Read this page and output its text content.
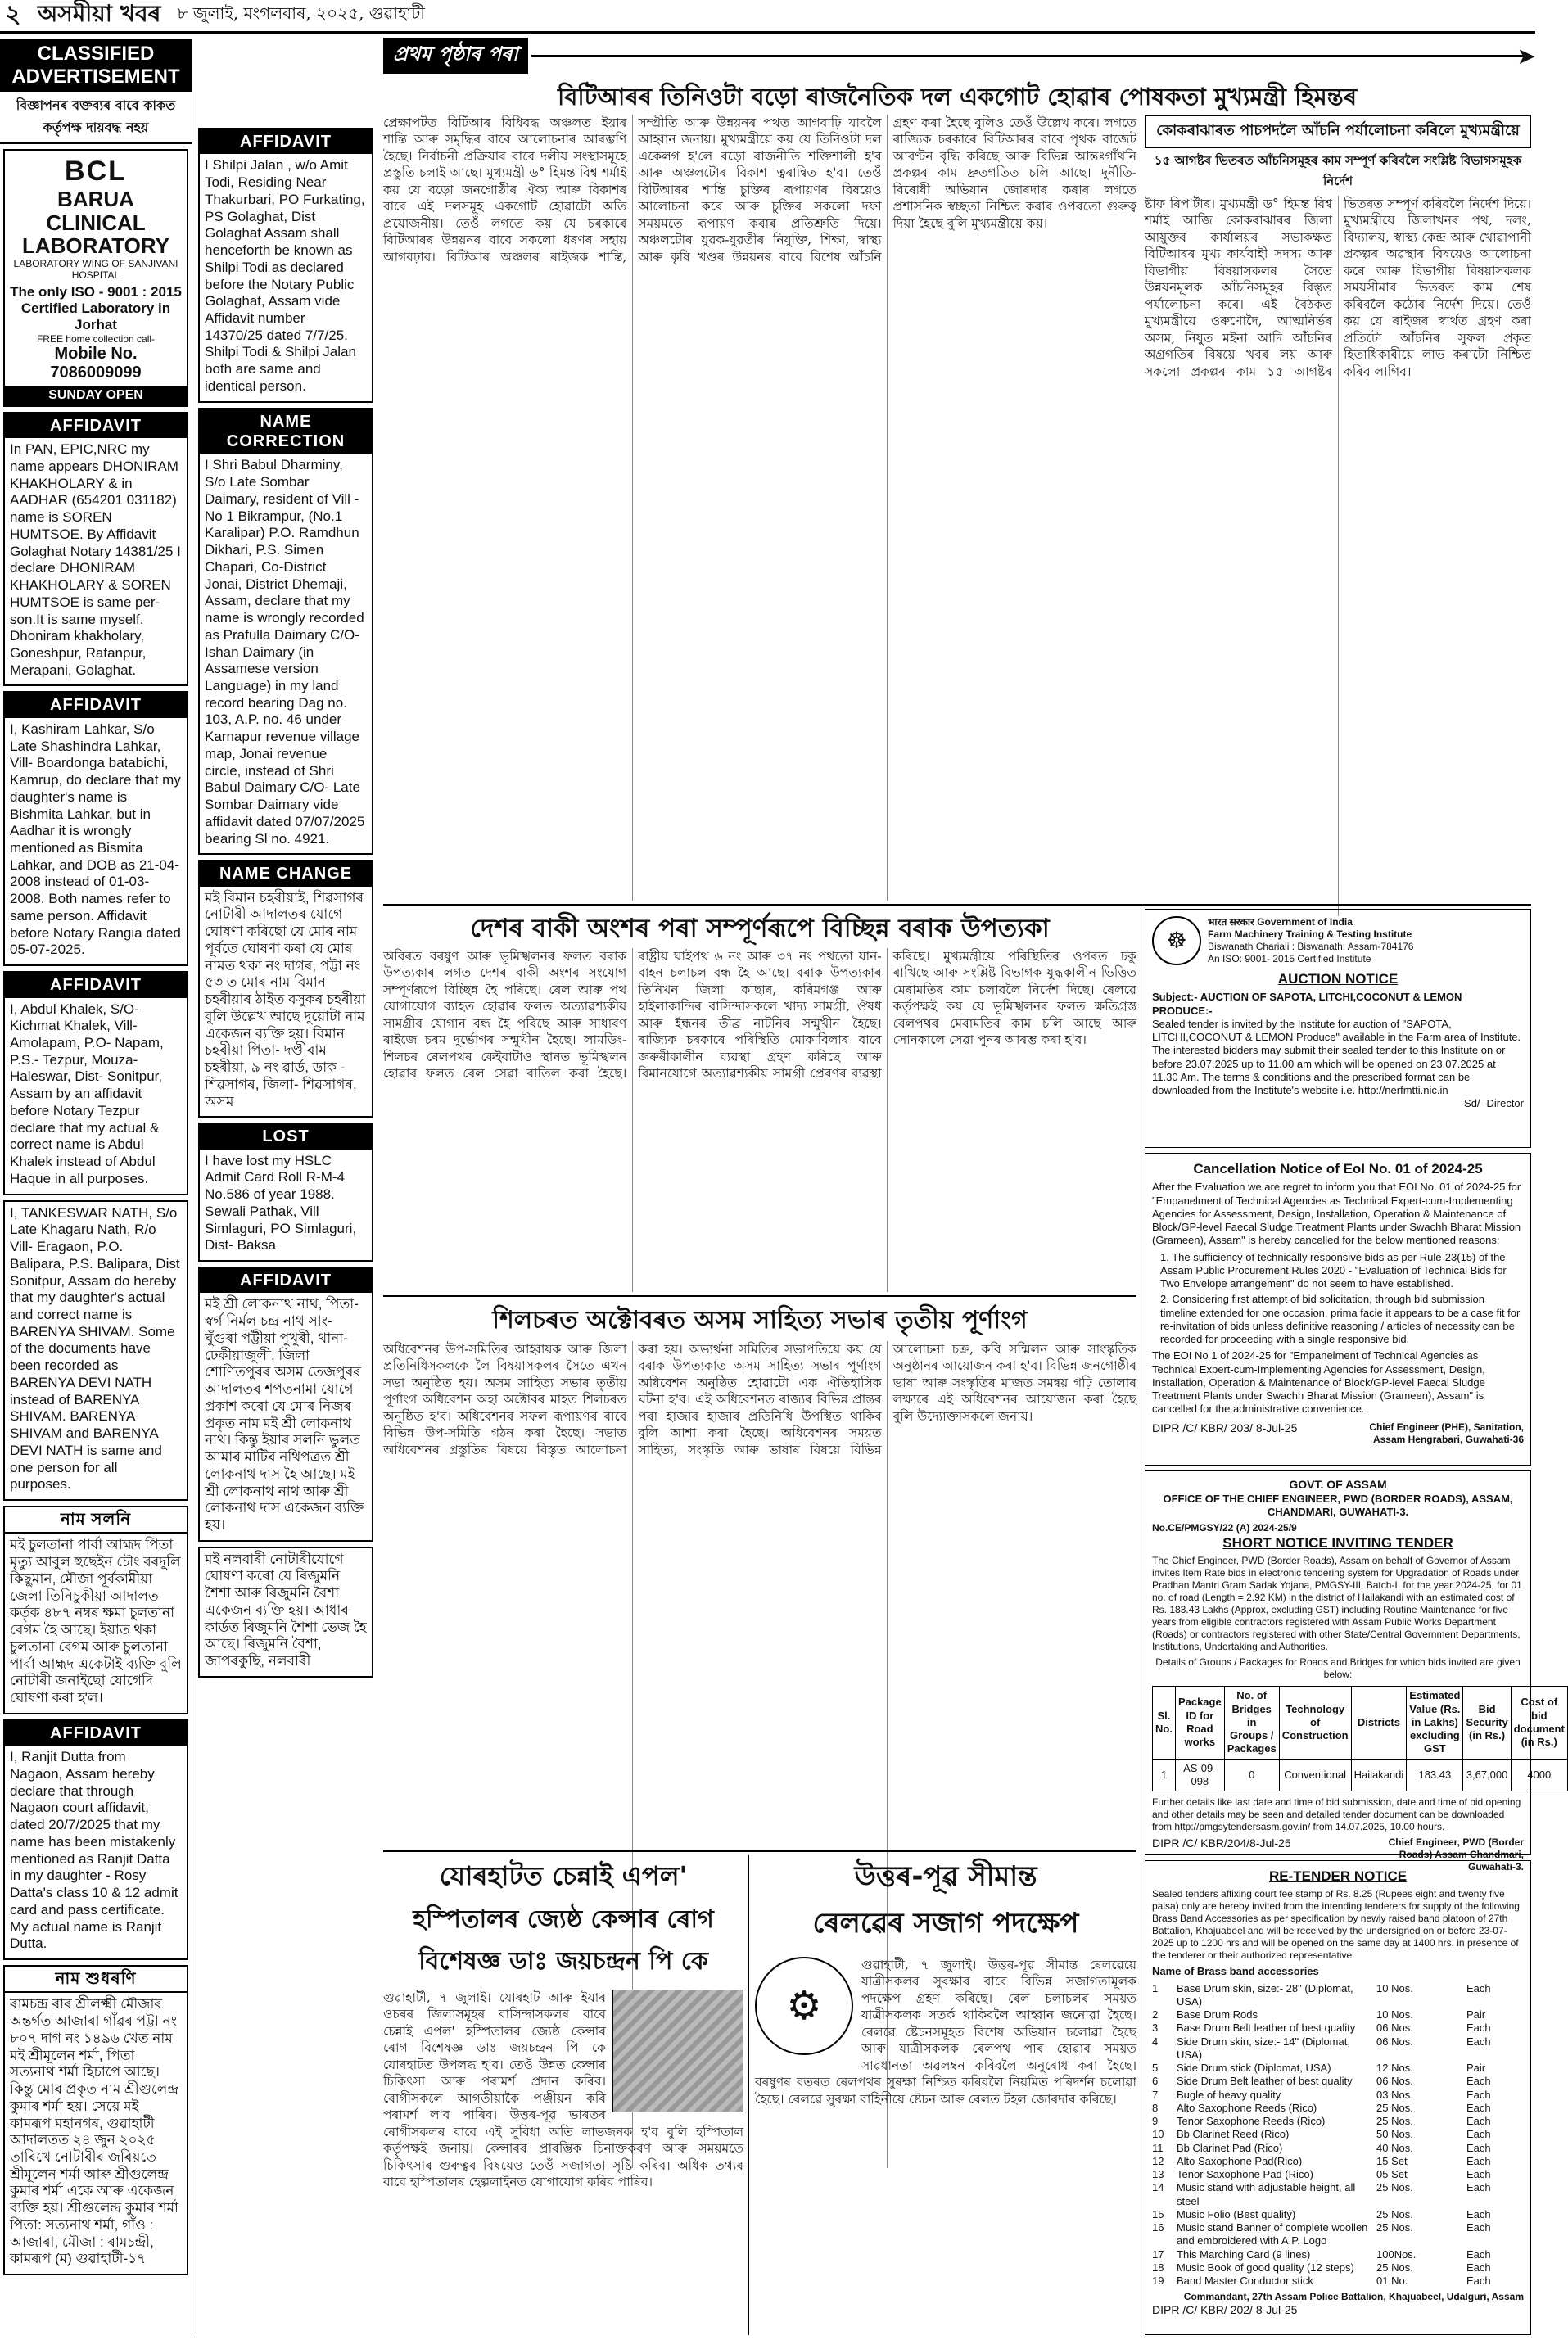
২ অসমীয়া খবৰ ৮ জুলাই, মংগলবাৰ, ২০২৫, গুৱাহাটী
CLASSIFIED ADVERTISEMENT
বিজ্ঞাপনৰ বক্তব্যৰ বাবে কাকত কৰ্তৃপক্ষ দায়বদ্ধ নহয়
BCL
BARUA CLINICAL LABORATORY
LABORATORY WING OF SANJIVANI HOSPITAL
The only ISO - 9001 : 2015 Certified Laboratory in Jorhat
FREE home collection call-
Mobile No. 7086009099
SUNDAY OPEN
AFFIDAVIT

In PAN, EPIC,NRC my name appears DHONIRAM KHAKHOLARY & in AADHAR (654201 031182) name is SOREN HUMTSOE. By Affidavit Golaghat Notary 14381/25 I declare DHONIRAM KHAKHOLARY & SOREN HUMTSOE is same per-son.It is same myself. Dhoniram khakholary, Goneshpur, Ratanpur, Merapani, Golaghat.

AFFIDAVIT

I, Kashiram Lahkar, S/o Late Shashindra Lahkar, Vill- Boardonga batabichi, Kamrup, do declare that my daughter's name is Bishmita Lahkar, but in Aadhar it is wrongly mentioned as Bismita Lahkar, and DOB as 21-04-2008 instead of 01-03-2008. Both names refer to same person. Affidavit before Notary Rangia dated 05-07-2025.

AFFIDAVIT

I, Abdul Khalek, S/O- Kichmat Khalek, Vill- Amolapam, P.O- Napam, P.S.- Tezpur, Mouza- Haleswar, Dist- Sonitpur, Assam by an affidavit before Notary Tezpur declare that my actual & correct name is Abdul Khalek instead of Abdul Haque in all purposes.

I, TANKESWAR NATH, S/o Late Khagaru Nath, R/o Vill- Eragaon, P.O. Balipara, P.S. Balipara, Dist Sonitpur, Assam do hereby that my daughter's actual and correct name is BARENYA SHIVAM. Some of the documents have been recorded as BARENYA DEVI NATH instead of BARENYA SHIVAM. BARENYA SHIVAM and BARENYA DEVI NATH is same and one person for all purposes.

নাম সলনি

মই চুলতানা পাৰ্বা আহ্মদ পিতা মৃত্যু আবুল হুছেইন চৌং বৰদুলি কিছুমান, মৌজা পূৰ্বকামীয়া জেলা তিনিচুকীয়া আদালত কৰ্তৃক ৪৮৭ নম্বৰ ক্ষমা চুলতানা বেগম হৈ আছে। ইয়াত থকা চুলতানা বেগম আৰু চুলতানা পাৰ্বা আহ্মদ একেটাই ব্যক্তি বুলি নোটাৰী জনাইছো যোগেদি ঘোষণা কৰা হ'ল।

AFFIDAVIT

I, Ranjit Dutta from Nagaon, Assam hereby declare that through Nagaon court affidavit, dated 20/7/2025 that my name has been mistakenly mentioned as Ranjit Datta in my daughter - Rosy Datta's class 10 & 12 admit card and pass certificate. My actual name is Ranjit Dutta.

নাম শুধৰণি

ৰামচন্দ্ৰ ৰাৰ শ্ৰীলক্ষ্মী মৌজাৰ অন্তৰ্গত আজাৰা গাঁৱৰ পট্টা নং ৮০৭ দাগ নং ১৪৯৬ খেত নাম মই শ্ৰীমূলেন শৰ্মা, পিতা সত্যনাথ শৰ্মা হিচাপে আছে। কিন্তু মোৰ প্ৰকৃত নাম শ্ৰীগুলেন্দ্ৰ কুমাৰ শৰ্মা হয়। সেয়ে মই কামৰূপ মহানগৰ, গুৱাহাটী আদালতত ২৪ জুন ২০২৫ তাৰিখে নোটাৰীৰ জৰিয়তে শ্ৰীমূলেন শৰ্মা আৰু শ্ৰীগুলেন্দ্ৰ কুমাৰ শৰ্মা একে আৰু একেজন ব্যক্তি হয়। শ্ৰীগুলেন্দ্ৰ কুমাৰ শৰ্মা পিতা: সত্যনাথ শৰ্মা, গাঁও : আজাৰা, মৌজা : ৰামচন্দ্ৰী, কামৰূপ (ম) গুৱাহাটী-১৭

AFFIDAVIT

I Shilpi Jalan , w/o Amit Todi, Residing Near Thakurbari, PO Furkating, PS Golaghat, Dist Golaghat Assam shall henceforth be known as Shilpi Todi as declared before the Notary Public Golaghat, Assam vide Affidavit number 14370/25 dated 7/7/25. Shilpi Todi & Shilpi Jalan both are same and identical person.

NAME CORRECTION

I Shri Babul Dharminy, S/o Late Sombar Daimary, resident of Vill - No 1 Bikrampur, (No.1 Karalipar) P.O. Ramdhun Dikhari, P.S. Simen Chapari, Co-District Jonai, District Dhemaji, Assam, declare that my name is wrongly recorded as Prafulla Daimary C/O- Ishan Daimary (in Assamese version Language) in my land record bearing Dag no. 103, A.P. no. 46 under Karnapur revenue village map, Jonai revenue circle, instead of Shri Babul Daimary C/O- Late Sombar Daimary vide affidavit dated 07/07/2025 bearing Sl no. 4921.

NAME CHANGE

মই বিমান চহৰীয়াই, শিৱসাগৰ নোটাৰী আদালতৰ যোগে ঘোষণা কৰিছো যে মোৰ নাম পূৰ্বতে ঘোষণা কৰা যে মোৰ নামত থকা নং দাগৰ, পট্টা নং ৫৩ ত মোৰ নাম বিমান চহৰীয়াৰ ঠাইত বসুকৰ চহৰীয়া বুলি উল্লেখ আছে দুয়োটা নাম একেজন ব্যক্তি হয়। বিমান চহৰীয়া পিতা- দণ্ডীৰাম চহৰীয়া, ৯ নং ৱাৰ্ড, ডাক - শিৱসাগৰ, জিলা- শিৱসাগৰ, অসম

LOST

I have lost my HSLC Admit Card Roll R-M-4 No.586 of year 1988. Sewali Pathak, Vill Simlaguri, PO Simlaguri, Dist- Baksa

AFFIDAVIT

মই শ্ৰী লোকনাথ নাথ, পিতা-স্বৰ্গ নিৰ্মল চন্দ্ৰ নাথ সাং- ঘুঁগুৰা পট্টীয়া পুখুৰী, থানা-ঢেকীয়াজুলী, জিলা শোণিতপুৰৰ অসম তেজপুৰৰ আদালতৰ শপতনামা যোগে প্ৰকাশ কৰো যে মোৰ নিজৰ প্ৰকৃত নাম মই শ্ৰী লোকনাথ নাথ। কিন্তু ইয়াৰ সলনি ভুলত আমাৰ মাটিৰ নথিপত্ৰত শ্ৰী লোকনাথ দাস হৈ আছে। মই শ্ৰী লোকনাথ নাথ আৰু শ্ৰী লোকনাথ দাস একেজন ব্যক্তি হয়।

মই নলবাৰী নোটাৰীযোগে ঘোষণা কৰো যে ৰিজুমনি শৈশা আৰু ৰিজুমনি বৈশা একেজন ব্যক্তি হয়। আধাৰ কাৰ্ডত ৰিজুমনি শৈশা ভেজ হৈ আছে। ৰিজুমনি বৈশা, জাপৰকুছি, নলবাৰী

প্ৰথম পৃষ্ঠাৰ পৰা
➤
বিটিআৰৰ তিনিওটা বড়ো ৰাজনৈতিক দল একগোট হোৱাৰ পোষকতা মুখ্যমন্ত্ৰী হিমন্তৰ
প্ৰেক্ষাপটত বিটিআৰ বিধিবদ্ধ অঞ্চলত ইয়াৰ শান্তি আৰু সমৃদ্ধিৰ বাবে আলোচনাৰ আৰম্ভণি হৈছে। নিৰ্বাচনী প্ৰক্ৰিয়াৰ বাবে দলীয় সংস্থাসমূহে প্ৰস্তুতি চলাই আছে। মুখ্যমন্ত্ৰী ড° হিমন্ত বিশ্ব শৰ্মাই কয় যে বড়ো জনগোষ্ঠীৰ ঐক্য আৰু বিকাশৰ বাবে এই দলসমূহ একগোট হোৱাটো অতি প্ৰয়োজনীয়। তেওঁ লগতে কয় যে চৰকাৰে বিটিআৰৰ উন্নয়নৰ বাবে সকলো ধৰণৰ সহায় আগবঢ়াব। বিটিআৰ অঞ্চলৰ ৰাইজক শান্তি, সম্প্ৰীতি আৰু উন্নয়নৰ পথত আগবাঢ়ি যাবলৈ আহ্বান জনায়। মুখ্যমন্ত্ৰীয়ে কয় যে তিনিওটা দল একেলগ হ'লে বড়ো ৰাজনীতি শক্তিশালী হ'ব আৰু অঞ্চলটোৰ বিকাশ ত্বৰান্বিত হ'ব। তেওঁ বিটিআৰৰ শান্তি চুক্তিৰ ৰূপায়ণৰ বিষয়েও আলোচনা কৰে আৰু চুক্তিৰ সকলো দফা সময়মতে ৰূপায়ণ কৰাৰ প্ৰতিশ্ৰুতি দিয়ে। অঞ্চলটোৰ যুৱক-যুৱতীৰ নিযুক্তি, শিক্ষা, স্বাস্থ্য আৰু কৃষি খণ্ডৰ উন্নয়নৰ বাবে বিশেষ আঁচনি গ্ৰহণ কৰা হৈছে বুলিও তেওঁ উল্লেখ কৰে। লগতে ৰাজ্যিক চৰকাৰে বিটিআৰৰ বাবে পৃথক বাজেট আবণ্টন বৃদ্ধি কৰিছে আৰু বিভিন্ন আন্তঃগাঁথনি প্ৰকল্পৰ কাম দ্ৰুতগতিত চলি আছে। দুৰ্নীতি-বিৰোধী অভিযান জোৰদাৰ কৰাৰ লগতে প্ৰশাসনিক স্বচ্ছতা নিশ্চিত কৰাৰ ওপৰতো গুৰুত্ব দিয়া হৈছে বুলি মুখ্যমন্ত্ৰীয়ে কয়।
কোকৰাঝাৰত পাচপদলৈ আঁচনি পৰ্যালোচনা কৰিলে মুখ্যমন্ত্ৰীয়ে
১৫ আগষ্টৰ ভিতৰত আঁচনিসমূহৰ কাম সম্পূৰ্ণ কৰিবলৈ সংশ্লিষ্ট বিভাগসমূহক নিৰ্দেশ
ষ্টাফ ৰিপ'ৰ্টাৰ। মুখ্যমন্ত্ৰী ড° হিমন্ত বিশ্ব শৰ্মাই আজি কোকৰাঝাৰৰ জিলা আয়ুক্তৰ কাৰ্যালয়ৰ সভাকক্ষত বিটিআৰৰ মুখ্য কাৰ্যবাহী সদস্য আৰু বিভাগীয় বিষয়াসকলৰ সৈতে উন্নয়নমূলক আঁচনিসমূহৰ বিস্তৃত পৰ্যালোচনা কৰে। এই বৈঠকত মুখ্যমন্ত্ৰীয়ে ওৰুণোদৈ, আত্মনিৰ্ভৰ অসম, নিযুত মইনা আদি আঁচনিৰ অগ্ৰগতিৰ বিষয়ে খবৰ লয় আৰু সকলো প্ৰকল্পৰ কাম ১৫ আগষ্টৰ ভিতৰত সম্পূৰ্ণ কৰিবলৈ নিৰ্দেশ দিয়ে। মুখ্যমন্ত্ৰীয়ে জিলাখনৰ পথ, দলং, বিদ্যালয়, স্বাস্থ্য কেন্দ্ৰ আৰু খোৱাপানী প্ৰকল্পৰ অৱস্থাৰ বিষয়েও আলোচনা কৰে আৰু বিভাগীয় বিষয়াসকলক সময়সীমাৰ ভিতৰত কাম শেষ কৰিবলৈ কঠোৰ নিৰ্দেশ দিয়ে। তেওঁ কয় যে ৰাইজৰ স্বাৰ্থত গ্ৰহণ কৰা প্ৰতিটো আঁচনিৰ সুফল প্ৰকৃত হিতাধিকাৰীয়ে লাভ কৰাটো নিশ্চিত কৰিব লাগিব।
দেশৰ বাকী অংশৰ পৰা সম্পূৰ্ণৰূপে বিচ্ছিন্ন বৰাক উপত্যকা
অবিৰত বৰষুণ আৰু ভূমিস্খলনৰ ফলত বৰাক উপত্যকাৰ লগত দেশৰ বাকী অংশৰ সংযোগ সম্পূৰ্ণৰূপে বিচ্ছিন্ন হৈ পৰিছে। ৰেল আৰু পথ যোগাযোগ ব্যাহত হোৱাৰ ফলত অত্যাৱশ্যকীয় সামগ্ৰীৰ যোগান বন্ধ হৈ পৰিছে আৰু সাধাৰণ ৰাইজে চৰম দুৰ্ভোগৰ সন্মুখীন হৈছে। লামডিং-শিলচৰ ৰেলপথৰ কেইবাটাও স্থানত ভূমিস্খলন হোৱাৰ ফলত ৰেল সেৱা বাতিল কৰা হৈছে। ৰাষ্ট্ৰীয় ঘাইপথ ৬ নং আৰু ৩৭ নং পথতো যান-বাহন চলাচল বন্ধ হৈ আছে। বৰাক উপত্যকাৰ তিনিখন জিলা কাছাৰ, কৰিমগঞ্জ আৰু হাইলাকান্দিৰ বাসিন্দাসকলে খাদ্য সামগ্ৰী, ঔষধ আৰু ইন্ধনৰ তীব্ৰ নাটনিৰ সন্মুখীন হৈছে। ৰাজ্যিক চৰকাৰে পৰিস্থিতি মোকাবিলাৰ বাবে জৰুৰীকালীন ব্যৱস্থা গ্ৰহণ কৰিছে আৰু বিমানযোগে অত্যাৱশ্যকীয় সামগ্ৰী প্ৰেৰণৰ ব্যৱস্থা কৰিছে। মুখ্যমন্ত্ৰীয়ে পৰিস্থিতিৰ ওপৰত চকু ৰাখিছে আৰু সংশ্লিষ্ট বিভাগক যুদ্ধকালীন ভিত্তিত মেৰামতিৰ কাম চলাবলৈ নিৰ্দেশ দিছে। ৰেলৱে কৰ্তৃপক্ষই কয় যে ভূমিস্খলনৰ ফলত ক্ষতিগ্ৰস্ত ৰেলপথৰ মেৰামতিৰ কাম চলি আছে আৰু সোনকালে সেৱা পুনৰ আৰম্ভ কৰা হ'ব।
☸
भारत सरकार Government of India
Farm Machinery Training & Testing Institute
Biswanath Chariali : Biswanath: Assam-784176
An ISO: 9001- 2015 Certified Institute
AUCTION NOTICE
Subject:- AUCTION OF SAPOTA, LITCHI,COCONUT & LEMON PRODUCE:-
Sealed tender is invited by the Institute for auction of "SAPOTA, LITCHI,COCONUT & LEMON Produce" available in the Farm area of Institute. The interested bidders may submit their sealed tender to this Institute on or before 23.07.2025 up to 11.00 am which will be opened on 23.07.2025 at 11.30 Am. The terms & conditions and the prescribed format can be downloaded from the Institute's website i.e. http://nerfmtti.nic.in
Sd/- Director
Cancellation Notice of EoI No. 01 of 2024-25
After the Evaluation we are regret to inform you that EOI No. 01 of 2024-25 for "Empanelment of Technical Agencies as Technical Expert-cum-Implementing Agencies for Assessment, Design, Installation, Operation & Maintenance of Block/GP-level Faecal Sludge Treatment Plants under Swachh Bharat Mission (Grameen), Assam" is hereby cancelled for the below mentioned reasons:
1. The sufficiency of technically responsive bids as per Rule-23(15) of the Assam Public Procurement Rules 2020 - "Evaluation of Technical Bids for Two Envelope arrangement" do not seem to have established.
2. Considering first attempt of bid solicitation, through bid submission timeline extended for one occasion, prima facie it appears to be a case fit for re-invitation of bids unless definitive reasoning / articles of necessity can be recorded for proceeding with a single responsive bid.
The EOI No 1 of 2024-25 for "Empanelment of Technical Agencies as Technical Expert-cum-Implementing Agencies for Assessment, Design, Installation, Operation & Maintenance of Block/GP-level Faecal Sludge Treatment Plants under Swachh Bharat Mission (Grameen), Assam" is cancelled for the administrative convenience.
DIPR /C/ KBR/ 203/ 8-Jul-25	Chief Engineer (PHE), Sanitation, Assam Hengrabari, Guwahati-36
শিলচৰত অক্টোবৰত অসম সাহিত্য সভাৰ তৃতীয় পূৰ্ণাংগ
অধিবেশনৰ উপ-সমিতিৰ আহ্বায়ক আৰু জিলা প্ৰতিনিধিসকলকে লৈ বিষয়াসকলৰ সৈতে এখন সভা অনুষ্ঠিত হয়। অসম সাহিত্য সভাৰ তৃতীয় পূৰ্ণাংগ অধিবেশন অহা অক্টোবৰ মাহত শিলচৰত অনুষ্ঠিত হ'ব। অধিবেশনৰ সফল ৰূপায়ণৰ বাবে বিভিন্ন উপ-সমিতি গঠন কৰা হৈছে। সভাত অধিবেশনৰ প্ৰস্তুতিৰ বিষয়ে বিস্তৃত আলোচনা কৰা হয়। অভ্যৰ্থনা সমিতিৰ সভাপতিয়ে কয় যে বৰাক উপত্যকাত অসম সাহিত্য সভাৰ পূৰ্ণাংগ অধিবেশন অনুষ্ঠিত হোৱাটো এক ঐতিহাসিক ঘটনা হ'ব। এই অধিবেশনত ৰাজ্যৰ বিভিন্ন প্ৰান্তৰ পৰা হাজাৰ হাজাৰ প্ৰতিনিধি উপস্থিত থাকিব বুলি আশা কৰা হৈছে। অধিবেশনৰ সময়ত সাহিত্য, সংস্কৃতি আৰু ভাষাৰ বিষয়ে বিভিন্ন আলোচনা চক্ৰ, কবি সন্মিলন আৰু সাংস্কৃতিক অনুষ্ঠানৰ আয়োজন কৰা হ'ব। বিভিন্ন জনগোষ্ঠীৰ ভাষা আৰু সংস্কৃতিৰ মাজত সমন্বয় গঢ়ি তোলাৰ লক্ষ্যৰে এই অধিবেশনৰ আয়োজন কৰা হৈছে বুলি উদ্যোক্তাসকলে জনায়।
GOVT. OF ASSAM
OFFICE OF THE CHIEF ENGINEER, PWD (BORDER ROADS), ASSAM, CHANDMARI, GUWAHATI-3.
No.CE/PMGSY/22 (A) 2024-25/9
SHORT NOTICE INVITING TENDER
The Chief Engineer, PWD (Border Roads), Assam on behalf of Governor of Assam invites Item Rate bids in electronic tendering system for Upgradation of Roads under Pradhan Mantri Gram Sadak Yojana, PMGSY-III, Batch-I, for the year 2024-25, for 01 no. of road (Length = 2.92 KM) in the district of Hailakandi with an estimated cost of Rs. 183.43 Lakhs (Approx, excluding GST) including Routine Maintenance for five years from eligible contractors registered with Assam Public Works Department (Roads) or contractors registered with other State/Central Government Departments, Institutions, Undertaking and Authorities.
Details of Groups / Packages for Roads and Bridges for which bids invited are given below:
Sl. No.	Package ID for Road works	No. of Bridges in Groups / Packages	Technology of Construction	Districts	Estimated Value (Rs. in Lakhs) excluding GST	Bid Security (in Rs.)	Cost of bid document (in Rs.)
1	AS-09-098	0	Conventional	Hailakandi	183.43	3,67,000	4000
Further details like last date and time of bid submission, date and time of bid opening and other details may be seen and detailed tender document can be downloaded from http://pmgsytendersasm.gov.in/ from 14.07.2025, 10.00 hours.
DIPR /C/ KBR/204/8-Jul-25	Chief Engineer, PWD (Border Roads) Assam Chandmari, Guwahati-3.
RE-TENDER NOTICE
Sealed tenders affixing court fee stamp of Rs. 8.25 (Rupees eight and twenty five paisa) only are hereby invited from the intending tenderers for supply of the following Brass Band Accessories as per specification by newly raised band platoon of 27th Battalion, Khajuabeel and will be received by the undersigned on or before 23-07-2025 up to 1200 hrs and will be opened on the same day at 1400 hrs. in presence of the tenderer or their authorized representative.
Name of Brass band accessories
1	Base Drum skin, size:- 28" (Diplomat, USA)
10 Nos.	Each
2	Base Drum Rods	10 Nos.	Pair
3	Base Drum Belt leather of best quality	06 Nos.	Each
4	Side Drum skin, size:- 14" (Diplomat, USA)
06 Nos.	Each
5	Side Drum stick (Diplomat, USA)	12 Nos.	Pair
6	Side Drum Belt leather of best quality	06 Nos.	Each
7	Bugle of heavy quality	03 Nos.	Each
8	Alto Saxophone Reeds (Rico)	25 Nos.	Each
9	Tenor Saxophone Reeds (Rico)	25 Nos.	Each
10	Bb Clarinet Reed (Rico)	50 Nos.	Each
11	Bb Clarinet Pad (Rico)	40 Nos.	Each
12	Alto Saxophone Pad(Rico)	15 Set	Each
13	Tenor Saxophone Pad (Rico)	05 Set	Each
14	Music stand with adjustable height, all steel
25 Nos.	Each
15	Music Folio (Best quality)	25 Nos.	Each
16	Music stand Banner of complete woollen and embroidered with A.P. Logo
25 Nos.	Each
17	This Marching Card (9 lines)	100Nos.	Each
18	Music Book of good quality (12 steps)	25 Nos.	Each
19	Band Master Conductor stick	01 No.	Each
Commandant, 27th Assam Police Battalion, Khajuabeel, Udalguri, Assam
DIPR /C/ KBR/ 202/ 8-Jul-25
যোৰহাটত চেন্নাই এপল'
হস্পিতালৰ জ্যেষ্ঠ কেন্সাৰ ৰোগ
বিশেষজ্ঞ ডাঃ জয়চন্দ্ৰন পি কে
গুৱাহাটী, ৭ জুলাই। যোৰহাট আৰু ইয়াৰ ওচৰৰ জিলাসমূহৰ বাসিন্দাসকলৰ বাবে চেন্নাই এপল' হস্পিতালৰ জ্যেষ্ঠ কেন্সাৰ ৰোগ বিশেষজ্ঞ ডাঃ জয়চন্দ্ৰন পি কে যোৰহাটত উপলব্ধ হ'ব। তেওঁ উন্নত কেন্সাৰ চিকিৎসা আৰু পৰামৰ্শ প্ৰদান কৰিব। ৰোগীসকলে আগতীয়াকৈ পঞ্জীয়ন কৰি পৰামৰ্শ ল'ব পাৰিব। উত্তৰ-পূৱ ভাৰতৰ ৰোগীসকলৰ বাবে এই সুবিধা অতি লাভজনক হ'ব বুলি হস্পিতাল কৰ্তৃপক্ষই জনায়। কেন্সাৰৰ প্ৰাৰম্ভিক চিনাক্তকৰণ আৰু সময়মতে চিকিৎসাৰ গুৰুত্বৰ বিষয়েও তেওঁ সজাগতা সৃষ্টি কৰিব। অধিক তথ্যৰ বাবে হস্পিতালৰ হেল্পলাইনত যোগাযোগ কৰিব পাৰিব।
উত্তৰ-পূৱ সীমান্ত
ৰেলৱেৰ সজাগ পদক্ষেপ
⚙
গুৱাহাটী, ৭ জুলাই। উত্তৰ-পূৱ সীমান্ত ৰেলৱেয়ে যাত্ৰীসকলৰ সুৰক্ষাৰ বাবে বিভিন্ন সজাগতামূলক পদক্ষেপ গ্ৰহণ কৰিছে। ৰেল চলাচলৰ সময়ত যাত্ৰীসকলক সতৰ্ক থাকিবলৈ আহ্বান জনোৱা হৈছে। ৰেলৱে ষ্টেচনসমূহত বিশেষ অভিযান চলোৱা হৈছে আৰু যাত্ৰীসকলক ৰেলপথ পাৰ হোৱাৰ সময়ত সাৱধানতা অৱলম্বন কৰিবলৈ অনুৰোধ কৰা হৈছে। বৰষুণৰ বতৰত ৰেলপথৰ সুৰক্ষা নিশ্চিত কৰিবলৈ নিয়মিত পৰিদৰ্শন চলোৱা হৈছে। ৰেলৱে সুৰক্ষা বাহিনীয়ে ষ্টেচন আৰু ৰেলত টহল জোৰদাৰ কৰিছে।
